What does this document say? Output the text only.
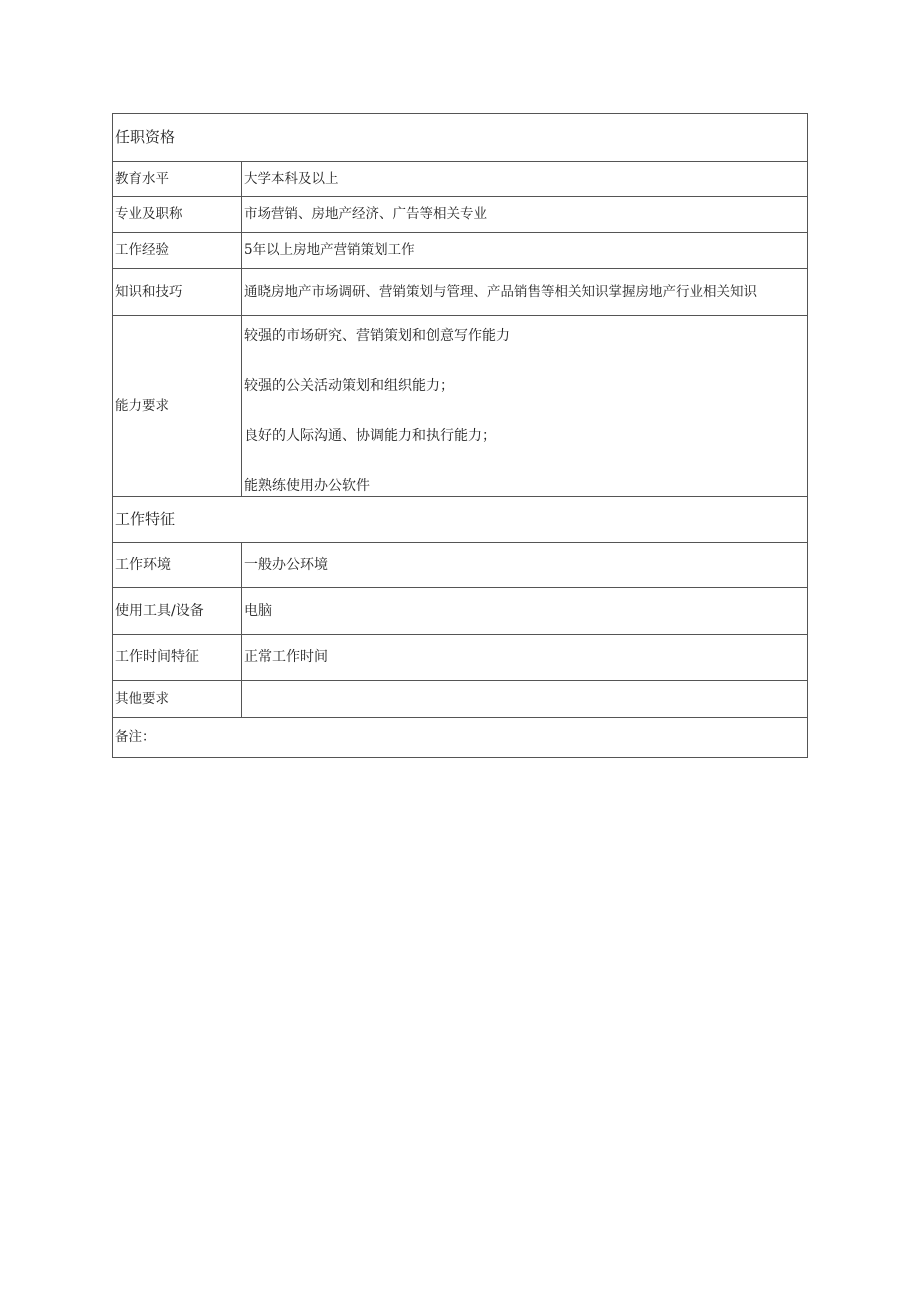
任职资格	
教育水平	大学本科及以上
专业及职称	市场营销、房地产经济、广告等相关专业
工作经验	5年以上房地产营销策划工作
知识和技巧	通晓房地产市场调研、营销策划与管理、产品销售等相关知识掌握房地产行业相关知识
能力要求	较强的市场研究、营销策划和创意写作能力
较强的公关活动策划和组织能力；
良好的人际沟通、协调能力和执行能力；
能熟练使用办公软件

工作特征	
工作环境	一般办公环境
使用工具/设备	电脑
工作时间特征	正常工作时间
其他要求	
备注：	
